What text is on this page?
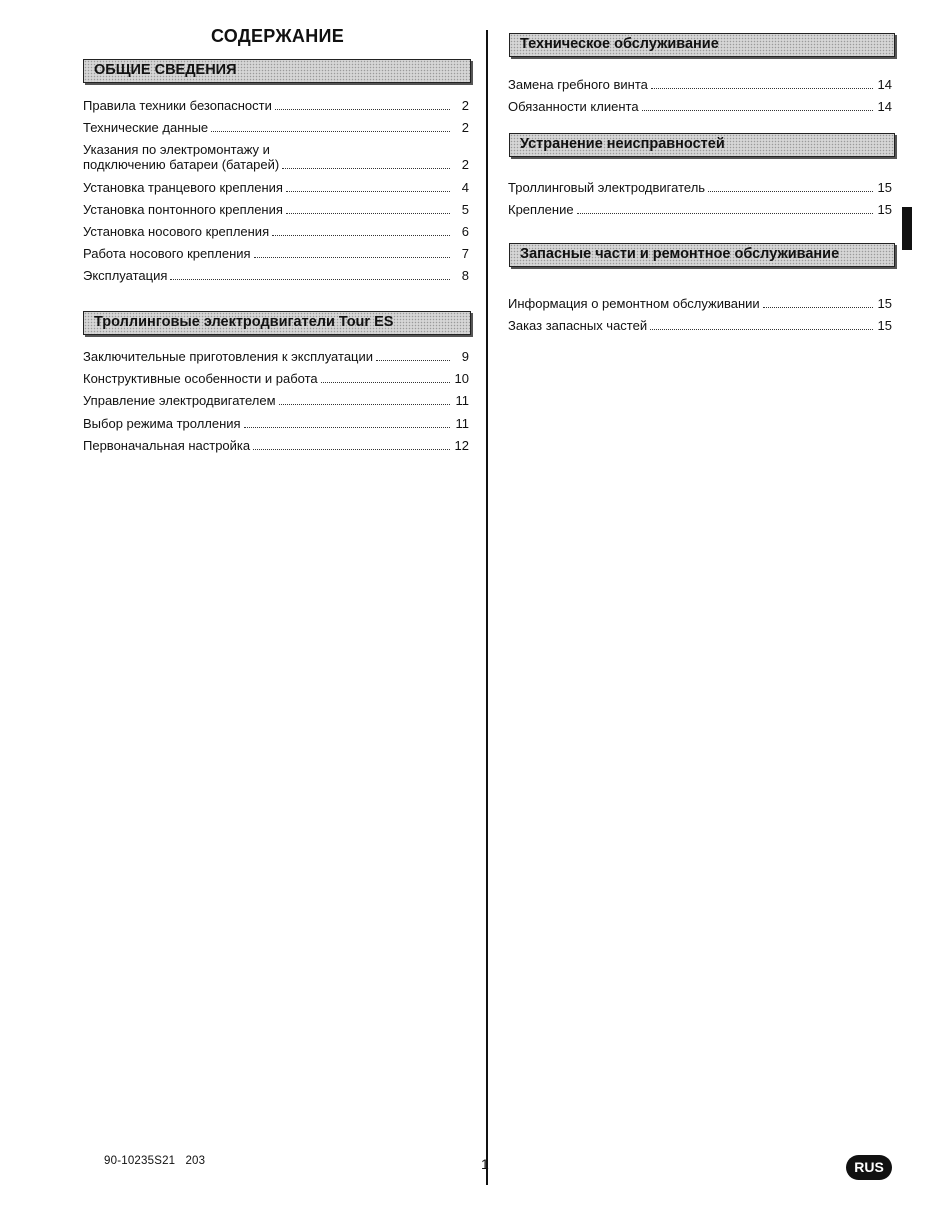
СОДЕРЖАНИЕ
ОБЩИЕ СВЕДЕНИЯ
Правила техники безопасности	2
Технические данные	2
Указания по электромонтажу и
подключению батареи (батарей)	2
Установка транцевого крепления	4
Установка понтонного крепления	5
Установка носового крепления	6
Работа носового крепления	7
Эксплуатация	8
Троллинговые электродвигатели Tour ES
Заключительные приготовления к эксплуатации	9
Конструктивные особенности и работа	10
Управление электродвигателем	11
Выбор режима тролления	11
Первоначальная настройка	12
Техническое обслуживание
Замена гребного винта	14
Обязанности клиента	14
Устранение неисправностей
Троллинговый электродвигатель	15
Крепление	15
Запасные части и ремонтное обслуживание
Информация о ремонтном обслуживании	15
Заказ запасных частей	15
90-10235S21   203	1	RUS
